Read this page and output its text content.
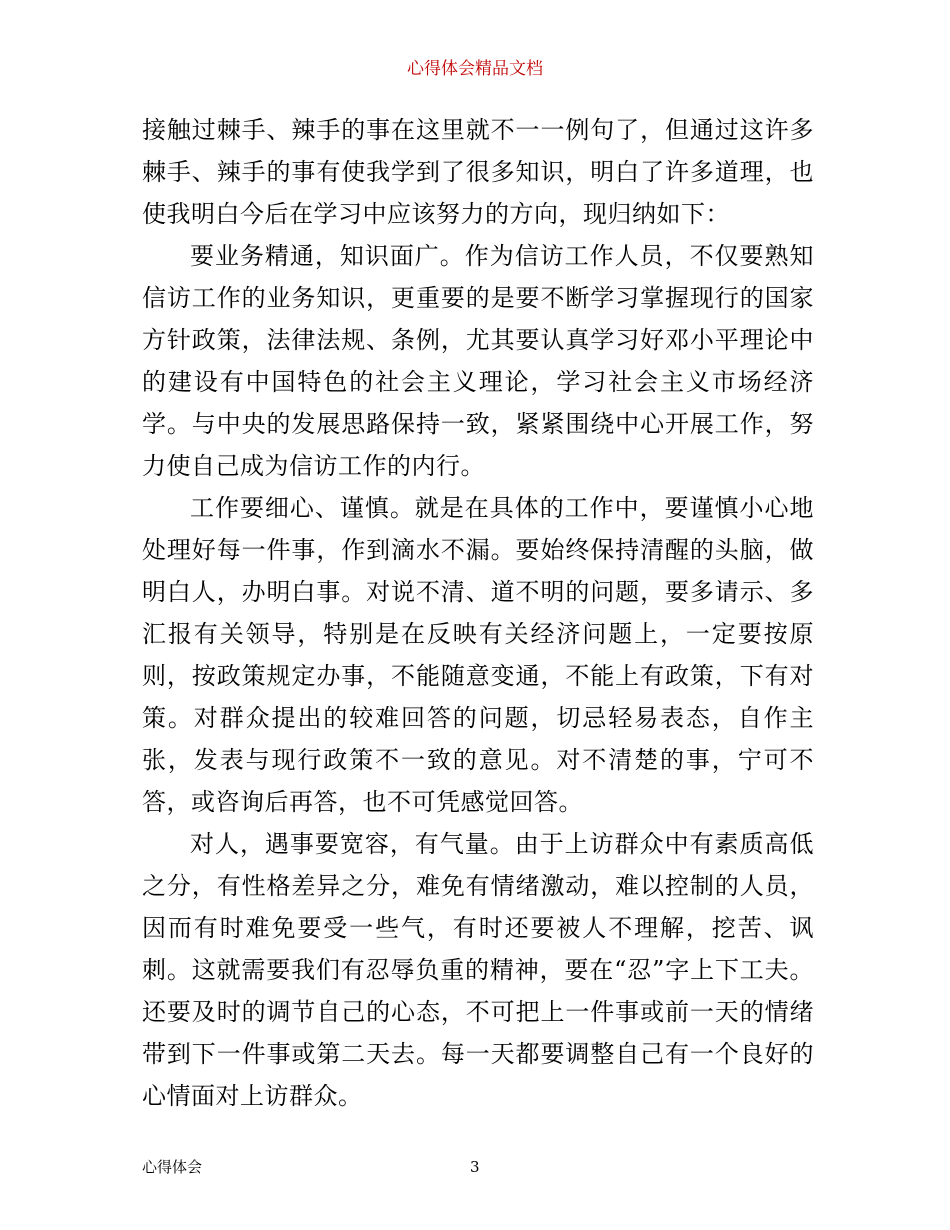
心得体会精品文档

接触过棘手、辣手的事在这里就不一一例句了，但通过这许多棘手、辣手的事有使我学到了很多知识，明白了许多道理，也使我明白今后在学习中应该努力的方向，现归纳如下：

要业务精通，知识面广。作为信访工作人员，不仅要熟知信访工作的业务知识，更重要的是要不断学习掌握现行的国家方针政策，法律法规、条例，尤其要认真学习好邓小平理论中的建设有中国特色的社会主义理论，学习社会主义市场经济学。与中央的发展思路保持一致，紧紧围绕中心开展工作，努力使自己成为信访工作的内行。

工作要细心、谨慎。就是在具体的工作中，要谨慎小心地处理好每一件事，作到滴水不漏。要始终保持清醒的头脑，做明白人，办明白事。对说不清、道不明的问题，要多请示、多汇报有关领导，特别是在反映有关经济问题上，一定要按原则，按政策规定办事，不能随意变通，不能上有政策，下有对策。对群众提出的较难回答的问题，切忌轻易表态，自作主张，发表与现行政策不一致的意见。对不清楚的事，宁可不答，或咨询后再答，也不可凭感觉回答。

对人，遇事要宽容，有气量。由于上访群众中有素质高低之分，有性格差异之分，难免有情绪激动，难以控制的人员，因而有时难免要受一些气，有时还要被人不理解，挖苦、讽刺。这就需要我们有忍辱负重的精神，要在“忍”字上下工夫。还要及时的调节自己的心态，不可把上一件事或前一天的情绪带到下一件事或第二天去。每一天都要调整自己有一个良好的心情面对上访群众。

心得体会	3
